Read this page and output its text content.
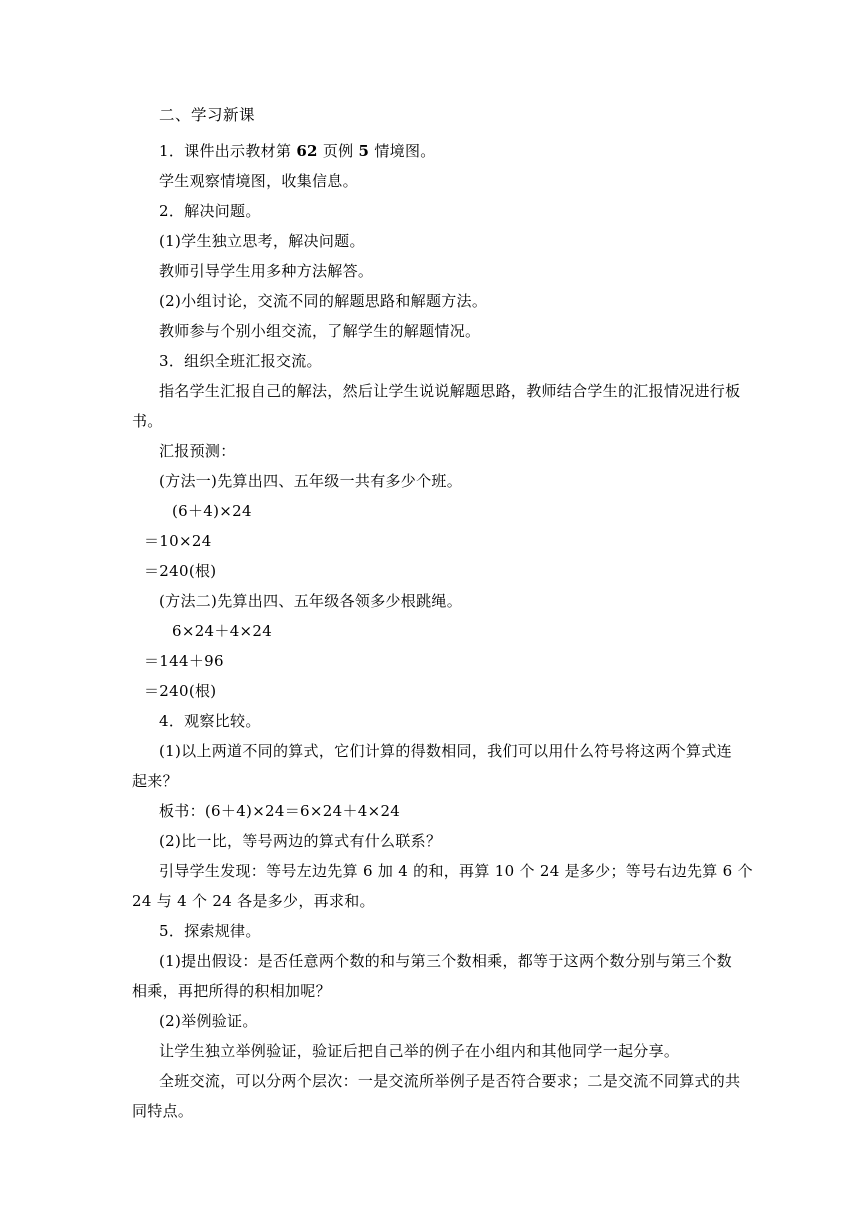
二、学习新课

1．课件出示教材第 62 页例 5 情境图。

学生观察情境图，收集信息。

2．解决问题。

(1)学生独立思考，解决问题。

教师引导学生用多种方法解答。

(2)小组讨论，交流不同的解题思路和解题方法。

教师参与个别小组交流，了解学生的解题情况。

3．组织全班汇报交流。

指名学生汇报自己的解法，然后让学生说说解题思路，教师结合学生的汇报情况进行板

书。

汇报预测：

(方法一)先算出四、五年级一共有多少个班。

(6＋4)×24

＝10×24

＝240(根)

(方法二)先算出四、五年级各领多少根跳绳。

6×24＋4×24

＝144＋96

＝240(根)

4．观察比较。

(1)以上两道不同的算式，它们计算的得数相同，我们可以用什么符号将这两个算式连

起来？

板书：(6＋4)×24＝6×24＋4×24

(2)比一比，等号两边的算式有什么联系？

引导学生发现：等号左边先算 6 加 4 的和，再算 10 个 24 是多少；等号右边先算 6 个

24 与 4 个 24 各是多少，再求和。

5．探索规律。

(1)提出假设：是否任意两个数的和与第三个数相乘，都等于这两个数分别与第三个数

相乘，再把所得的积相加呢？

(2)举例验证。

让学生独立举例验证，验证后把自己举的例子在小组内和其他同学一起分享。

全班交流，可以分两个层次：一是交流所举例子是否符合要求；二是交流不同算式的共

同特点。
